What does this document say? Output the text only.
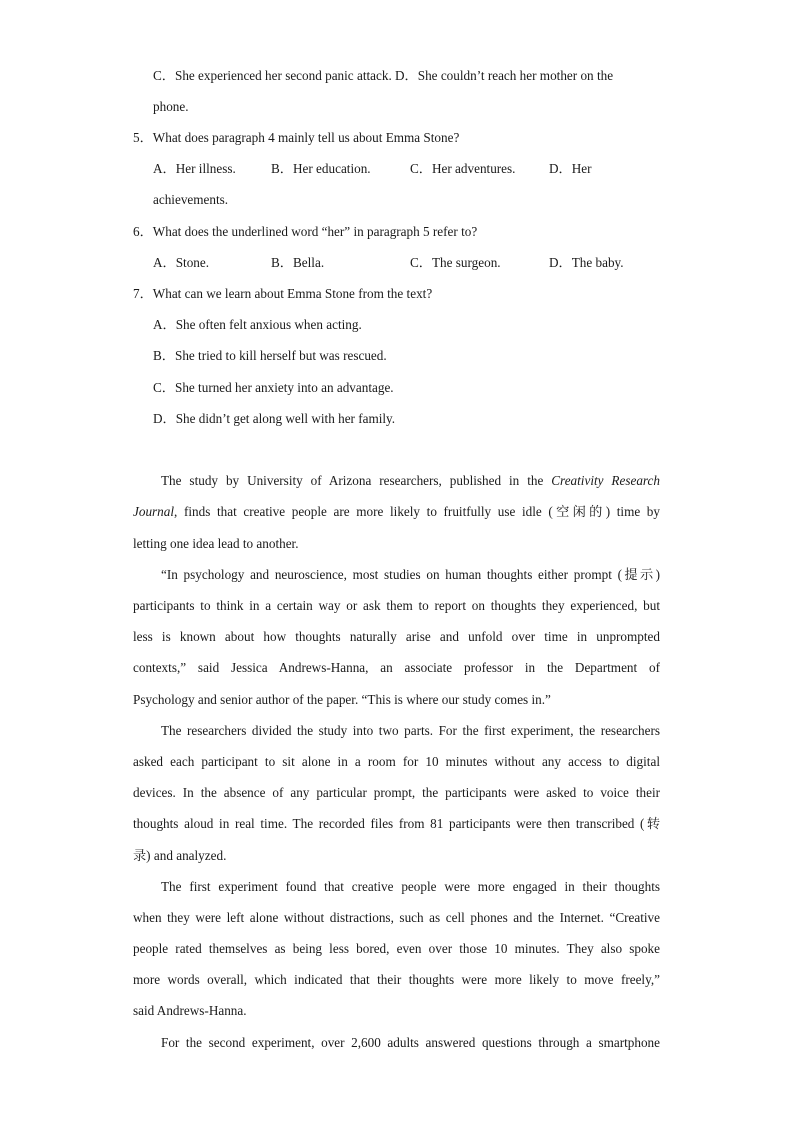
C．She experienced her second panic attack. D．She couldn’t reach her mother on the
phone.
5．What does paragraph 4 mainly tell us about Emma Stone?
A．Her illness.	B．Her education.	C．Her adventures.	D．Her
achievements.
6．What does the underlined word “her” in paragraph 5 refer to?
A．Stone.	B．Bella.	C．The surgeon.	D．The baby.
7．What can we learn about Emma Stone from the text?
A．She often felt anxious when acting.
B．She tried to kill herself but was rescued.
C．She turned her anxiety into an advantage.
D．She didn’t get along well with her family.
The study by University of Arizona researchers, published in the Creativity Research
Journal, finds that creative people are more likely to fruitfully use idle (空闲的) time by
letting one idea lead to another.
“In psychology and neuroscience, most studies on human thoughts either prompt (提示)
participants to think in a certain way or ask them to report on thoughts they experienced, but
less is known about how thoughts naturally arise and unfold over time in unprompted
contexts,” said Jessica Andrews-Hanna, an associate professor in the Department of
Psychology and senior author of the paper. “This is where our study comes in.”
The researchers divided the study into two parts. For the first experiment, the researchers
asked each participant to sit alone in a room for 10 minutes without any access to digital
devices. In the absence of any particular prompt, the participants were asked to voice their
thoughts aloud in real time. The recorded files from 81 participants were then transcribed (转
录) and analyzed.
The first experiment found that creative people were more engaged in their thoughts
when they were left alone without distractions, such as cell phones and the Internet. “Creative
people rated themselves as being less bored, even over those 10 minutes. They also spoke
more words overall, which indicated that their thoughts were more likely to move freely,”
said Andrews-Hanna.
For the second experiment, over 2,600 adults answered questions through a smartphone
